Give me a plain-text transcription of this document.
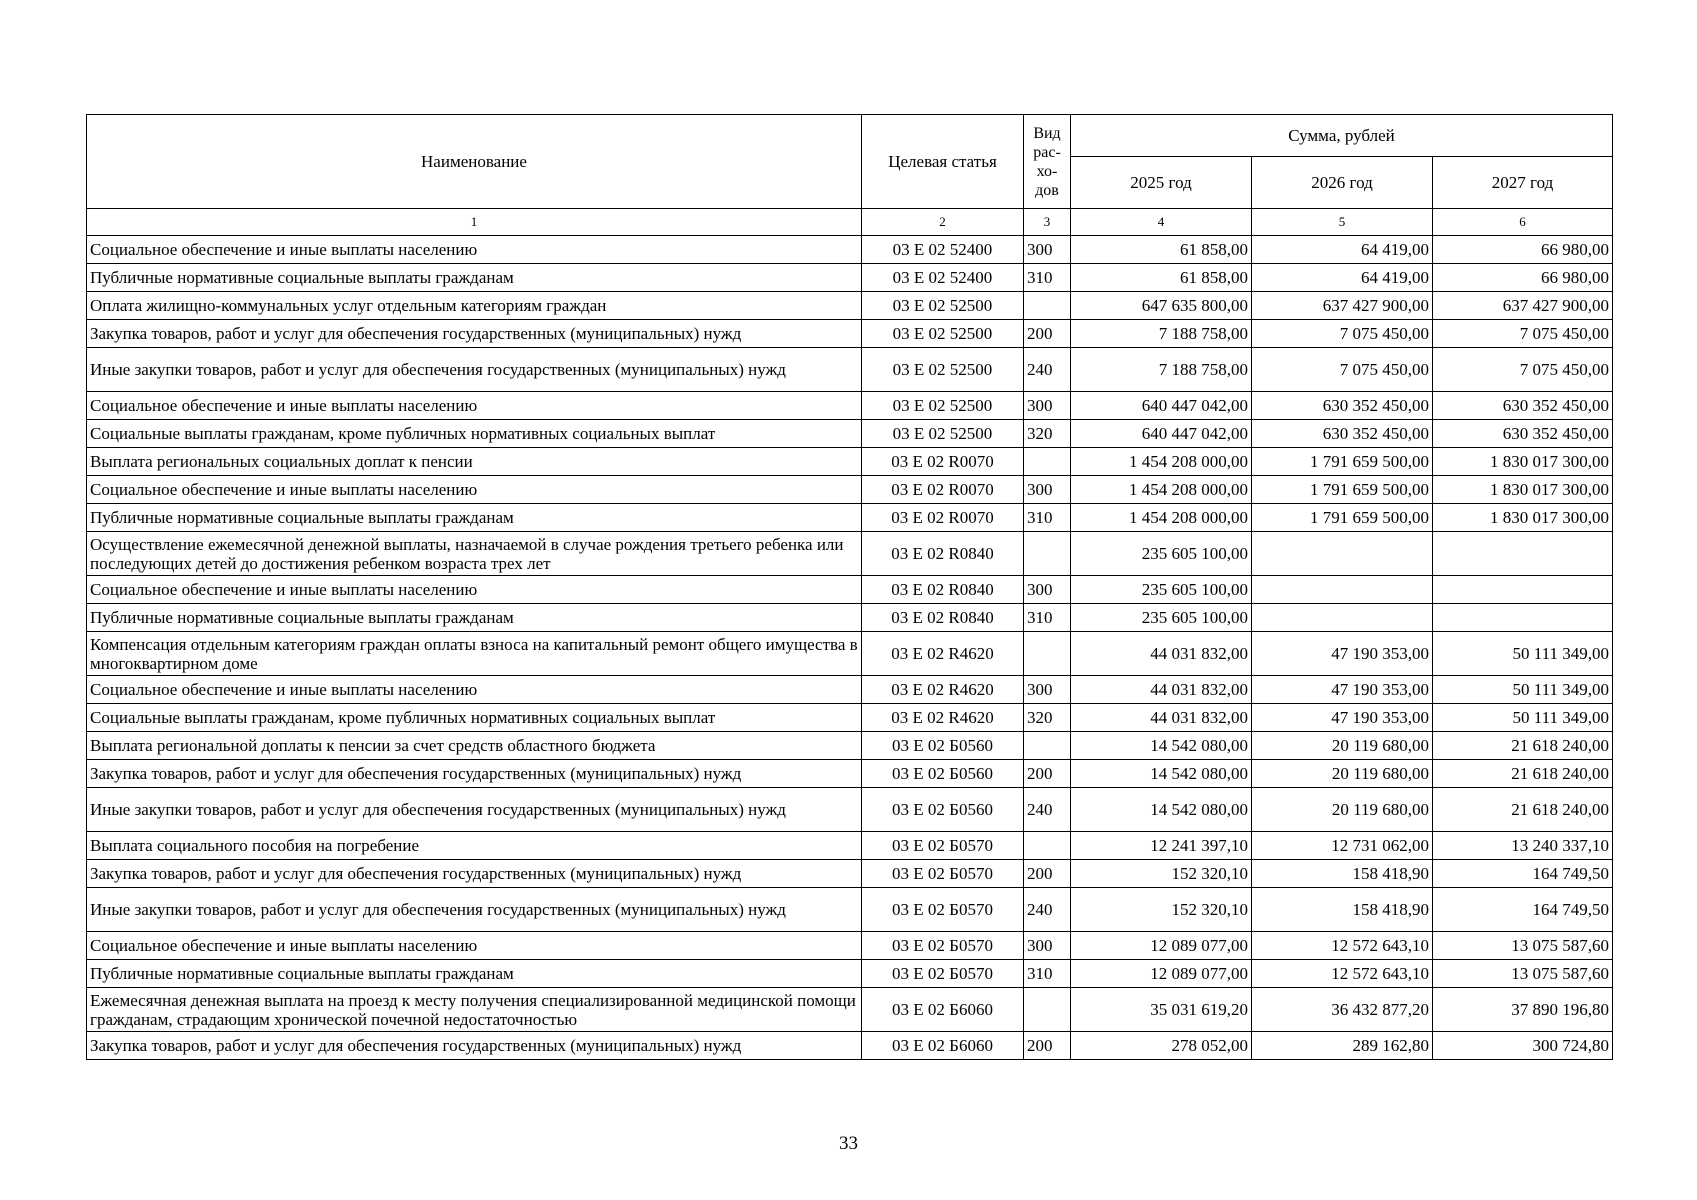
Наименование	Целевая статья	Вид рас-хо-дов	Сумма, рублей		
			2025 год	2026 год	2027 год
1	2	3	4	5	6
Социальное обеспечение и иные выплаты населению	03 Е 02 52400	300	61 858,00	64 419,00	66 980,00
Публичные нормативные социальные выплаты гражданам	03 Е 02 52400	310	61 858,00	64 419,00	66 980,00
Оплата жилищно-коммунальных услуг отдельным категориям граждан	03 Е 02 52500		647 635 800,00	637 427 900,00	637 427 900,00
Закупка товаров, работ и услуг для обеспечения государственных (муниципальных) нужд	03 Е 02 52500	200	7 188 758,00	7 075 450,00	7 075 450,00
Иные закупки товаров, работ и услуг для обеспечения государственных (муниципальных) нужд	03 Е 02 52500	240	7 188 758,00	7 075 450,00	7 075 450,00
Социальное обеспечение и иные выплаты населению	03 Е 02 52500	300	640 447 042,00	630 352 450,00	630 352 450,00
Социальные выплаты гражданам, кроме публичных нормативных социальных выплат	03 Е 02 52500	320	640 447 042,00	630 352 450,00	630 352 450,00
Выплата региональных социальных доплат к пенсии	03 Е 02 R0070		1 454 208 000,00	1 791 659 500,00	1 830 017 300,00
Социальное обеспечение и иные выплаты населению	03 Е 02 R0070	300	1 454 208 000,00	1 791 659 500,00	1 830 017 300,00
Публичные нормативные социальные выплаты гражданам	03 Е 02 R0070	310	1 454 208 000,00	1 791 659 500,00	1 830 017 300,00
Осуществление ежемесячной денежной выплаты, назначаемой в случае рождения третьего ребенка или последующих детей до достижения ребенком возраста трех лет	03 Е 02 R0840		235 605 100,00		
Социальное обеспечение и иные выплаты населению	03 Е 02 R0840	300	235 605 100,00		
Публичные нормативные социальные выплаты гражданам	03 Е 02 R0840	310	235 605 100,00		
Компенсация отдельным категориям граждан оплаты взноса на капитальный ремонт общего имущества в многоквартирном доме	03 Е 02 R4620		44 031 832,00	47 190 353,00	50 111 349,00
Социальное обеспечение и иные выплаты населению	03 Е 02 R4620	300	44 031 832,00	47 190 353,00	50 111 349,00
Социальные выплаты гражданам, кроме публичных нормативных социальных выплат	03 Е 02 R4620	320	44 031 832,00	47 190 353,00	50 111 349,00
Выплата региональной доплаты к пенсии за счет средств областного бюджета	03 Е 02 Б0560		14 542 080,00	20 119 680,00	21 618 240,00
Закупка товаров, работ и услуг для обеспечения государственных (муниципальных) нужд	03 Е 02 Б0560	200	14 542 080,00	20 119 680,00	21 618 240,00
Иные закупки товаров, работ и услуг для обеспечения государственных (муниципальных) нужд	03 Е 02 Б0560	240	14 542 080,00	20 119 680,00	21 618 240,00
Выплата социального пособия на погребение	03 Е 02 Б0570		12 241 397,10	12 731 062,00	13 240 337,10
Закупка товаров, работ и услуг для обеспечения государственных (муниципальных) нужд	03 Е 02 Б0570	200	152 320,10	158 418,90	164 749,50
Иные закупки товаров, работ и услуг для обеспечения государственных (муниципальных) нужд	03 Е 02 Б0570	240	152 320,10	158 418,90	164 749,50
Социальное обеспечение и иные выплаты населению	03 Е 02 Б0570	300	12 089 077,00	12 572 643,10	13 075 587,60
Публичные нормативные социальные выплаты гражданам	03 Е 02 Б0570	310	12 089 077,00	12 572 643,10	13 075 587,60
Ежемесячная денежная выплата на проезд к месту получения специализированной медицинской помощи гражданам, страдающим хронической почечной недостаточностью	03 Е 02 Б6060		35 031 619,20	36 432 877,20	37 890 196,80
Закупка товаров, работ и услуг для обеспечения государственных (муниципальных) нужд	03 Е 02 Б6060	200	278 052,00	289 162,80	300 724,80
33
